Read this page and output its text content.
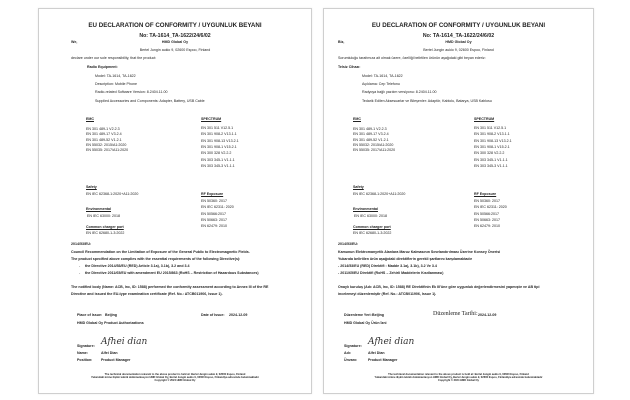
EU DECLARATION OF CONFORMITY / UYGUNLUK BEYANI
No: TA-1614_TA-1622/24/6/02
We,	HMD Global Oy
Bertel Jungin aukio 9, 02600 Espoo, Finland
declare under our sole responsibility, that the product:
Radio Equipment:
Model: TA-1614, TA-1622
Description: Mobile Phone
Radio-related Software Version: 8.2404.11.00
Supplied Accessories and Components: Adapter, Battery, USB Cable
EMC
EN 301 489-1 V2.2.3
EN 301 489-17 V3.2.4
EN 301 489-52 V1.2.1
EN 55032: 2015/A1:2020
EN 55035: 2017/A11:2020
SPECTRUM
EN 301 511 V12.5.1
EN 301 908-2 V13.1.1
EN 301 908-13 V13.2.1
EN 301 908-1 V15.2.1
EN 300 328 V2.2.2
EN 303 345-1 V1.1.1
EN 303 345-3 V1.1.1
Safety
EN IEC 62368-1:2020+A11:2020	RF Exposure
EN 50360: 2017
EN IEC 62311: 2020
EN 50566:2017
EN 50663: 2017
EN 62479: 2010
Environmental
EN IEC 63000: 2018
Common charger port
EN IEC 62680-1-3:2022
2014/53/EU:
Council Recommendation on the Limitation of Exposure of the General Public to Electromagnetic Fields.
The product specified above complies with the essential requirements of the following Directive(s):
- the Directive 2014/53/EU (RED) Article 3.1a), 3.1b), 3.2 and 3.4
- the Directive 2011/65/EU with amendment EU 2015/863 (RoHS – Restriction of Hazardous Substances)
The notified body (Name: ACB, Inc, ID: 1588) performed the conformity assessment according to Annex III of the RE
Directive and issued the EU-type examination certificate (Ref. No.: ATCB011906, Issue 1).
Place of Issue: Beijing	Date of Issue: 2024-12-09
HMD Global Oy Product Authorizations
Afhei dian
Signature:
Name:	Alfei Dian
Position: Product Manager
The technical documentation relevant to the above product is held at: Bertel Jungin aukio 9, 02600 Espoo, Finland
Yukarıdaki ürüne ilişkin teknik dokümantasyon HMD Global Oy, Bertel Jungin aukio 9, 02600 Espoo, Finlandiya adresinde bulunmaktadır
Copyright © 2024 HMD Global Oy
EU DECLARATION OF CONFORMITY / UYGUNLUK BEYANI
No: TA-1614_TA-1622/24/6/02
Biz,	HMD Global Oy
Bertel Jungin aukio 9, 02600 Espoo, Finland
Sorumluluğu tarafımıza ait olmak üzere, özelliği belirtilen ürünün aşağıdaki gibi beyan ederiz:
Telsiz Cihazı:
Model: TA-1614, TA-1622
Açıklama: Cep Telefonu
Radyoya bağlı yazılım versiyonu: 8.2404.11.00
Tedarik Edilen Aksesuarlar ve Bileşenler: Adaptör, Kablolu, Batarya, USB Kablosu
EMC
EN 301 489-1 V2.2.3
EN 301 489-17 V3.2.4
EN 301 489-52 V1.2.1
EN 55032: 2015/A1:2020
EN 55035: 2017/A11:2020
SPECTRUM
EN 301 511 V12.5.1
EN 301 908-2 V13.1.1
EN 301 908-13 V13.2.1
EN 301 908-1 V15.2.1
EN 300 328 V2.2.2
EN 303 345-1 V1.1.1
EN 303 345-3 V1.1.1
Safety
EN IEC 62368-1:2020+A11:2020	RF Exposure
EN 50360: 2017
EN IEC 62311: 2020
EN 50566:2017
EN 50663: 2017
EN 62479: 2010
Environmental
EN IEC 63000: 2018
Common charger port
EN IEC 62680-1-3:2022
2014/53/EU:
Kamunun Elektromanyetik Alanlara Maruz Kalmasının Sınırlandırılması Üzerine Konsey Önerisi
Yukarıda belirtilen ürün aşağıdaki direktiflerin gerekli şartlarını karşılamaktadır
- 2014/53/EU (RED) Direktifi : Madde 3.1a), 3.1b), 3.2 Ve 3.4
- 2011/65/EU Direktifi (RoHS – Zehirli Maddelerin Kısıtlanması)
Onaylı kuruluş (Adı: ACB, Inc, ID: 1588) RE Direktifinin Ek III'üne göre uygunluk değerlendirmesini yapmıştır ve AB tipi
incelemeyi düzenlemiştir (Ref. No.: ATCB011906, Issue 1).
Düzenleme Yeri: Beijing	Düzenleme Tarihi: 2024-12-09
HMD Global Oy Ürün İzni
Afhei dian
Signature:
Adı:	Alfei Dian
Ünvanı:	Product Manager
The technical documentation relevant to the above product is held at: Bertel Jungin aukio 9, 02600 Espoo, Finland
Yukarıdaki ürüne ilişkin teknik dokümantasyon HMD Global Oy, Bertel Jungin aukio 9, 02600 Espoo, Finlandiya adresinde bulunmaktadır
Copyright © 2024 HMD Global Oy
